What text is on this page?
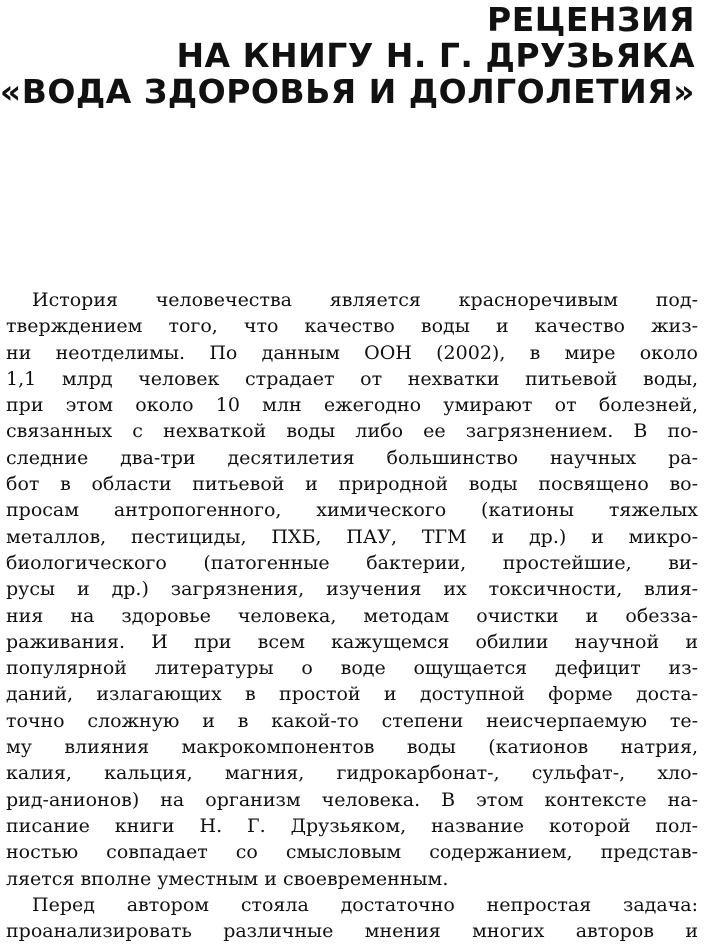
РЕЦЕНЗИЯ
НА КНИГУ Н. Г. ДРУЗЬЯКА
«ВОДА ЗДОРОВЬЯ И ДОЛГОЛЕТИЯ»
История человечества является красноречивым под-
тверждением того, что качество воды и качество жиз-
ни неотделимы. По данным ООН (2002), в мире около
1,1 млрд человек страдает от нехватки питьевой воды,
при этом около 10 млн ежегодно умирают от болезней,
связанных с нехваткой воды либо ее загрязнением. В по-
следние два-три десятилетия большинство научных ра-
бот в области питьевой и природной воды посвящено во-
просам антропогенного, химического (катионы тяжелых
металлов, пестициды, ПХБ, ПАУ, ТГМ и др.) и микро-
биологического (патогенные бактерии, простейшие, ви-
русы и др.) загрязнения, изучения их токсичности, влия-
ния на здоровье человека, методам очистки и обезза-
раживания. И при всем кажущемся обилии научной и
популярной литературы о воде ощущается дефицит из-
даний, излагающих в простой и доступной форме доста-
точно сложную и в какой-то степени неисчерпаемую те-
му влияния макрокомпонентов воды (катионов натрия,
калия, кальция, магния, гидрокарбонат-, сульфат-, хло-
рид-анионов) на организм человека. В этом контексте на-
писание книги Н. Г. Друзьяком, название которой пол-
ностью совпадает со смысловым содержанием, представ-
ляется вполне уместным и своевременным.
Перед автором стояла достаточно непростая задача:
проанализировать различные мнения многих авторов и
